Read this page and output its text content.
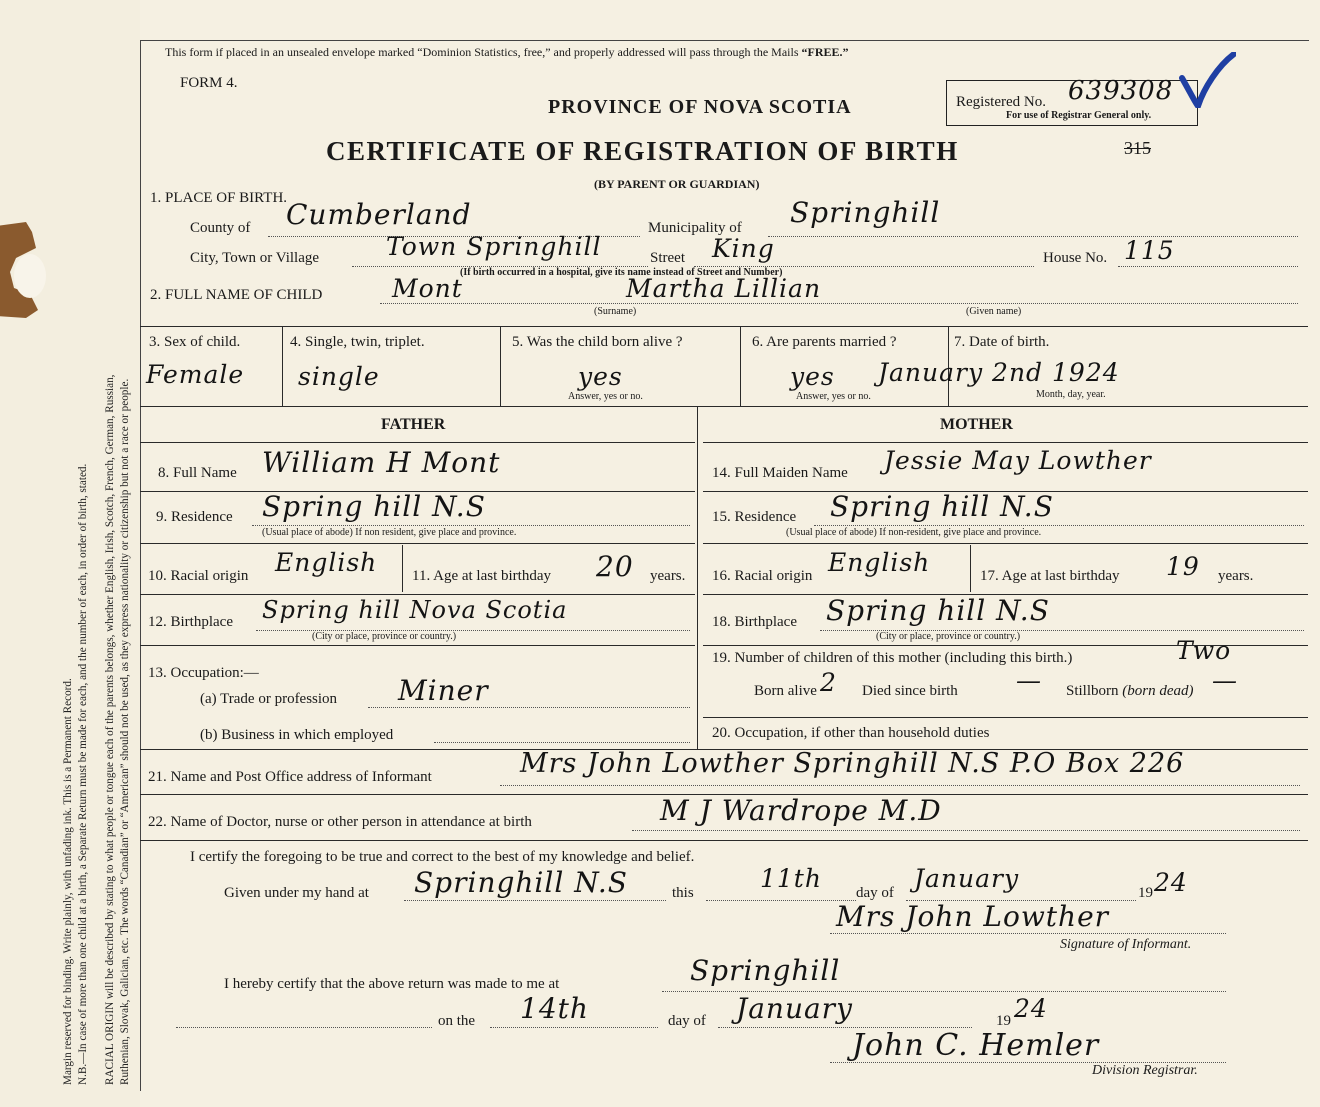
Margin reserved for binding. Write plainly, with unfading ink. This is a Permanent Record. N.B.—In case of more than one child at a birth, a Separate Return must be made for each, and the number of each, in order of birth, stated. RACIAL ORIGIN will be described by stating to what people or tongue each of the parents belongs, whether English, Irish, Scotch, French, German, Russian, Ruthenian, Slovak, Galician, etc. The words “Canadian” or “American” should not be used, as they express nationality or citizenship but not a race or people.
This form if placed in an unsealed envelope marked “Dominion Statistics, free,” and properly addressed will pass through the Mails “FREE.”
FORM 4.
PROVINCE OF NOVA SCOTIA
CERTIFICATE OF REGISTRATION OF BIRTH	315
(BY PARENT OR GUARDIAN)
Registered No. 639308
For use of Registrar General only.
1. PLACE OF BIRTH.
County of Cumberland	Municipality of Springhill
City, Town or Village	Town Springhill	Street King
(If birth occurred in a hospital, give its name instead of Street and Number)
House No. 115
2. FULL NAME OF CHILD	Mont	Martha Lillian
(Surname)	(Given name)
3. Sex of child.
Female
4. Single, twin, triplet.
single
5. Was the child born alive ?
yes
Answer, yes or no.
6. Are parents married ?
yes
Answer, yes or no.
7. Date of birth.
January 2nd 1924
Month, day, year.
FATHER	MOTHER
8. Full Name William H Mont
9. Residence Spring hill N.S
(Usual place of abode) If non resident, give place and province.
10. Racial origin English 11. Age at last birthday 20 years.
12. Birthplace Spring hill Nova Scotia
(City or place, province or country.)
13. Occupation:—
(a) Trade or profession Miner
(b) Business in which employed
14. Full Maiden Name Jessie May Lowther
15. Residence Spring hill N.S
(Usual place of abode) If non-resident, give place and province.
16. Racial origin English	17. Age at last birthday 19 years.
18. Birthplace Spring hill N.S
(City or place, province or country.)
19. Number of children of this mother (including this birth.)	Two
Born alive 2 Died since birth — Stillborn (born dead) —
20. Occupation, if other than household duties
21. Name and Post Office address of Informant	Mrs John Lowther Springhill N.S P.O Box 226
22. Name of Doctor, nurse or other person in attendance at birth	M J Wardrope M.D
I certify the foregoing to be true and correct to the best of my knowledge and belief.
Given under my hand at Springhill N.S	this	11th day of January	19 24
Mrs John Lowther
Signature of Informant.
I hereby certify that the above return was made to me at	Springhill
on the 14th	day of January	19 24
John C. Hemler
Division Registrar.
